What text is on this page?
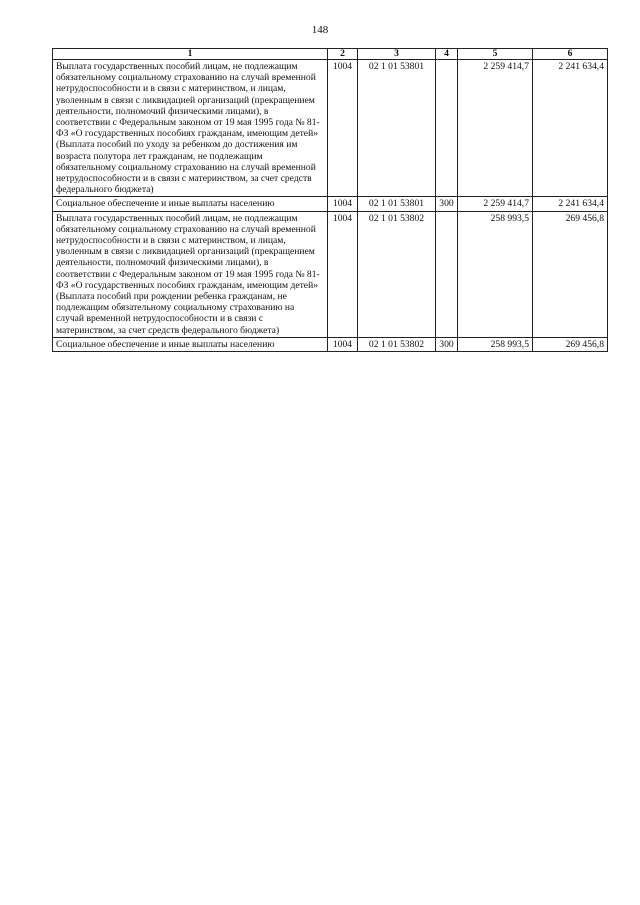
148
1	2	3	4	5	6
Выплата государственных пособий лицам, не подлежащим обязательному социальному страхованию на случай временной нетрудоспособности и в связи с материнством, и лицам, уволенным в связи с ликвидацией организаций (прекращением деятельности, полномочий физическими лицами), в соответствии с Федеральным законом от 19 мая 1995 года № 81-ФЗ «О государственных пособиях гражданам, имеющим детей» (Выплата пособий по уходу за ребенком до достижения им возраста полутора лет гражданам, не подлежащим обязательному социальному страхованию на случай временной нетрудоспособности и в связи с материнством, за счет средств федерального бюджета)	1004	02 1 01 53801		2 259 414,7	2 241 634,4
Социальное обеспечение и иные выплаты населению	1004	02 1 01 53801	300	2 259 414,7	2 241 634,4
Выплата государственных пособий лицам, не подлежащим обязательному социальному страхованию на случай временной нетрудоспособности и в связи с материнством, и лицам, уволенным в связи с ликвидацией организаций (прекращением деятельности, полномочий физическими лицами), в соответствии с Федеральным законом от 19 мая 1995 года № 81-ФЗ «О государственных пособиях гражданам, имеющим детей» (Выплата пособий при рождении ребенка гражданам, не подлежащим обязательному социальному страхованию на случай временной нетрудоспособности и в связи с материнством, за счет средств федерального бюджета)	1004	02 1 01 53802		258 993,5	269 456,8
Социальное обеспечение и иные выплаты населению	1004	02 1 01 53802	300	258 993,5	269 456,8
